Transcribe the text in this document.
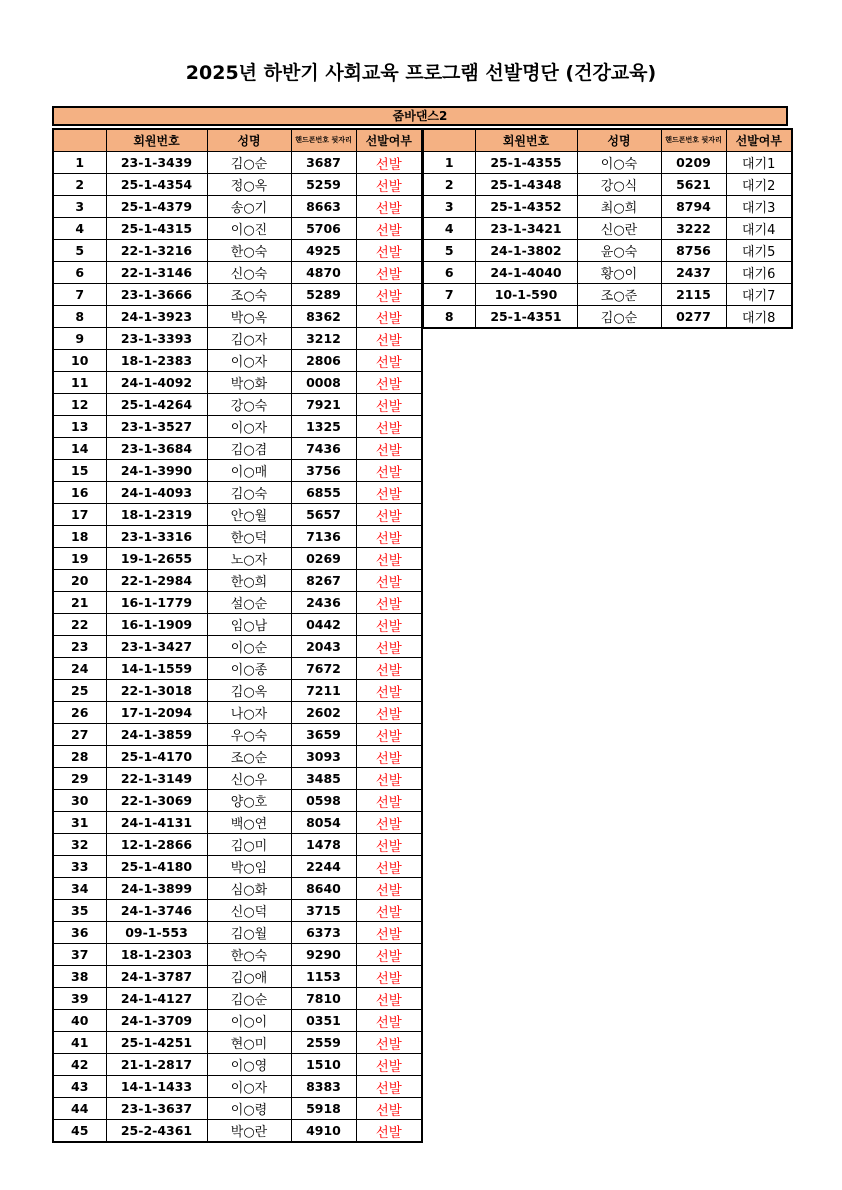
2025년 하반기 사회교육 프로그램 선발명단 (건강교육)
줌바댄스2
	회원번호	성명	핸드폰번호 뒷자리	선발여부
1	23-1-3439	김○순	3687	선발
2	25-1-4354	정○옥	5259	선발
3	25-1-4379	송○기	8663	선발
4	25-1-4315	이○진	5706	선발
5	22-1-3216	한○숙	4925	선발
6	22-1-3146	신○숙	4870	선발
7	23-1-3666	조○숙	5289	선발
8	24-1-3923	박○옥	8362	선발
9	23-1-3393	김○자	3212	선발
10	18-1-2383	이○자	2806	선발
11	24-1-4092	박○화	0008	선발
12	25-1-4264	강○숙	7921	선발
13	23-1-3527	이○자	1325	선발
14	23-1-3684	김○겸	7436	선발
15	24-1-3990	이○매	3756	선발
16	24-1-4093	김○숙	6855	선발
17	18-1-2319	안○월	5657	선발
18	23-1-3316	한○덕	7136	선발
19	19-1-2655	노○자	0269	선발
20	22-1-2984	한○희	8267	선발
21	16-1-1779	설○순	2436	선발
22	16-1-1909	임○남	0442	선발
23	23-1-3427	이○순	2043	선발
24	14-1-1559	이○종	7672	선발
25	22-1-3018	김○옥	7211	선발
26	17-1-2094	나○자	2602	선발
27	24-1-3859	우○숙	3659	선발
28	25-1-4170	조○순	3093	선발
29	22-1-3149	신○우	3485	선발
30	22-1-3069	양○호	0598	선발
31	24-1-4131	백○연	8054	선발
32	12-1-2866	김○미	1478	선발
33	25-1-4180	박○임	2244	선발
34	24-1-3899	심○화	8640	선발
35	24-1-3746	신○덕	3715	선발
36	09-1-553	김○월	6373	선발
37	18-1-2303	한○숙	9290	선발
38	24-1-3787	김○애	1153	선발
39	24-1-4127	김○순	7810	선발
40	24-1-3709	이○이	0351	선발
41	25-1-4251	현○미	2559	선발
42	21-1-2817	이○영	1510	선발
43	14-1-1433	이○자	8383	선발
44	23-1-3637	이○령	5918	선발
45	25-2-4361	박○란	4910	선발
	회원번호	성명	핸드폰번호 뒷자리	선발여부
1	25-1-4355	이○숙	0209	대기1
2	25-1-4348	강○식	5621	대기2
3	25-1-4352	최○희	8794	대기3
4	23-1-3421	신○란	3222	대기4
5	24-1-3802	윤○숙	8756	대기5
6	24-1-4040	황○이	2437	대기6
7	10-1-590	조○준	2115	대기7
8	25-1-4351	김○순	0277	대기8
